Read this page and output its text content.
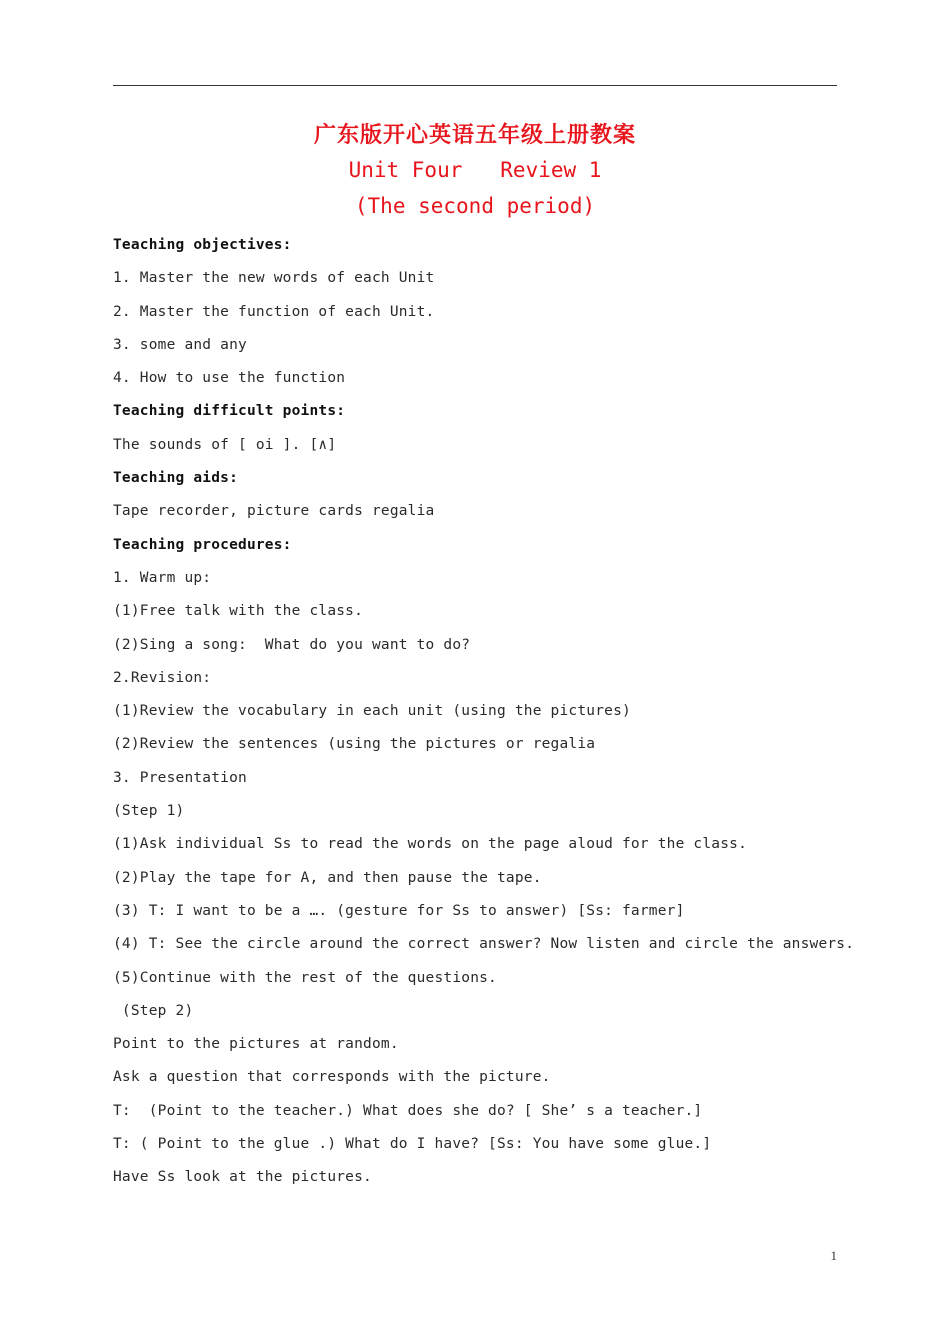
广东版开心英语五年级上册教案
Unit Four   Review 1
(The second period)
Teaching objectives:
1. Master the new words of each Unit
2. Master the function of each Unit.
3. some and any
4. How to use the function
Teaching difficult points:
The sounds of [ oi ]. [∧]
Teaching aids:
Tape recorder, picture cards regalia
Teaching procedures:
1. Warm up:
(1)Free talk with the class.
(2)Sing a song:  What do you want to do?
2.Revision:
(1)Review the vocabulary in each unit (using the pictures)
(2)Review the sentences (using the pictures or regalia
3. Presentation
(Step 1)
(1)Ask individual Ss to read the words on the page aloud for the class.
(2)Play the tape for A, and then pause the tape.
(3) T: I want to be a …. (gesture for Ss to answer) [Ss: farmer]
(4) T: See the circle around the correct answer? Now listen and circle the answers.
(5)Continue with the rest of the questions.
(Step 2)
Point to the pictures at random.
Ask a question that corresponds with the picture.
T:  (Point to the teacher.) What does she do? [ She’ s a teacher.]
T: ( Point to the glue .) What do I have? [Ss: You have some glue.]
Have Ss look at the pictures.
1
